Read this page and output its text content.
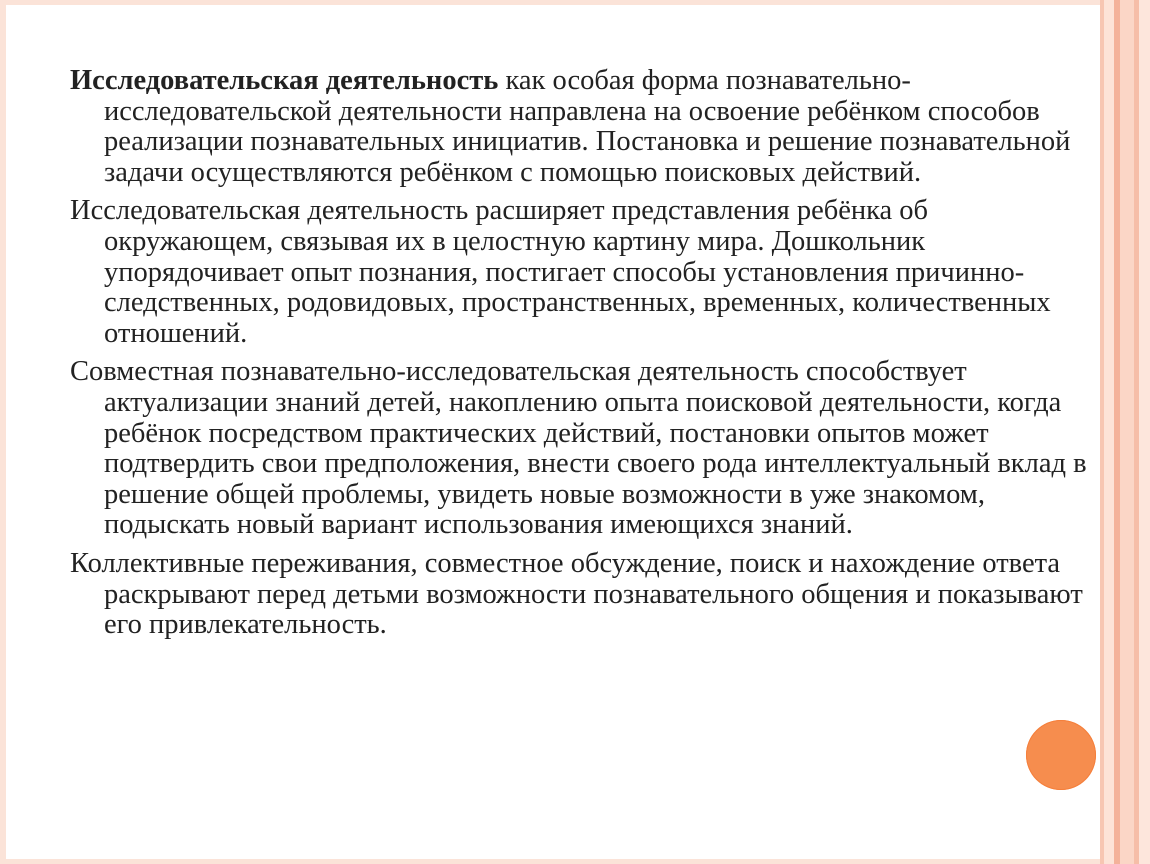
Исследовательская деятельность как особая форма познавательно-исследовательской деятельности направлена на освоение ребёнком способов реализации познавательных инициатив. Постановка и решение познавательной задачи осуществляются ребёнком с помощью поисковых действий.

Исследовательская деятельность расширяет представления ребёнка об окружающем, связывая их в целостную картину мира. Дошкольник упорядочивает опыт познания, постигает способы установления причинно-следственных, родовидовых, пространственных, временных, количественных отношений.

Совместная познавательно-исследовательская деятельность способствует актуализации знаний детей, накоплению опыта поисковой деятельности, когда ребёнок посредством практических действий, постановки опытов может подтвердить свои предположения, внести своего рода интеллектуальный вклад в решение общей проблемы, увидеть новые возможности в уже знакомом, подыскать новый вариант использования имеющихся знаний.

Коллективные переживания, совместное обсуждение, поиск и нахождение ответа раскрывают перед детьми возможности познавательного общения и показывают его привлекательность.
